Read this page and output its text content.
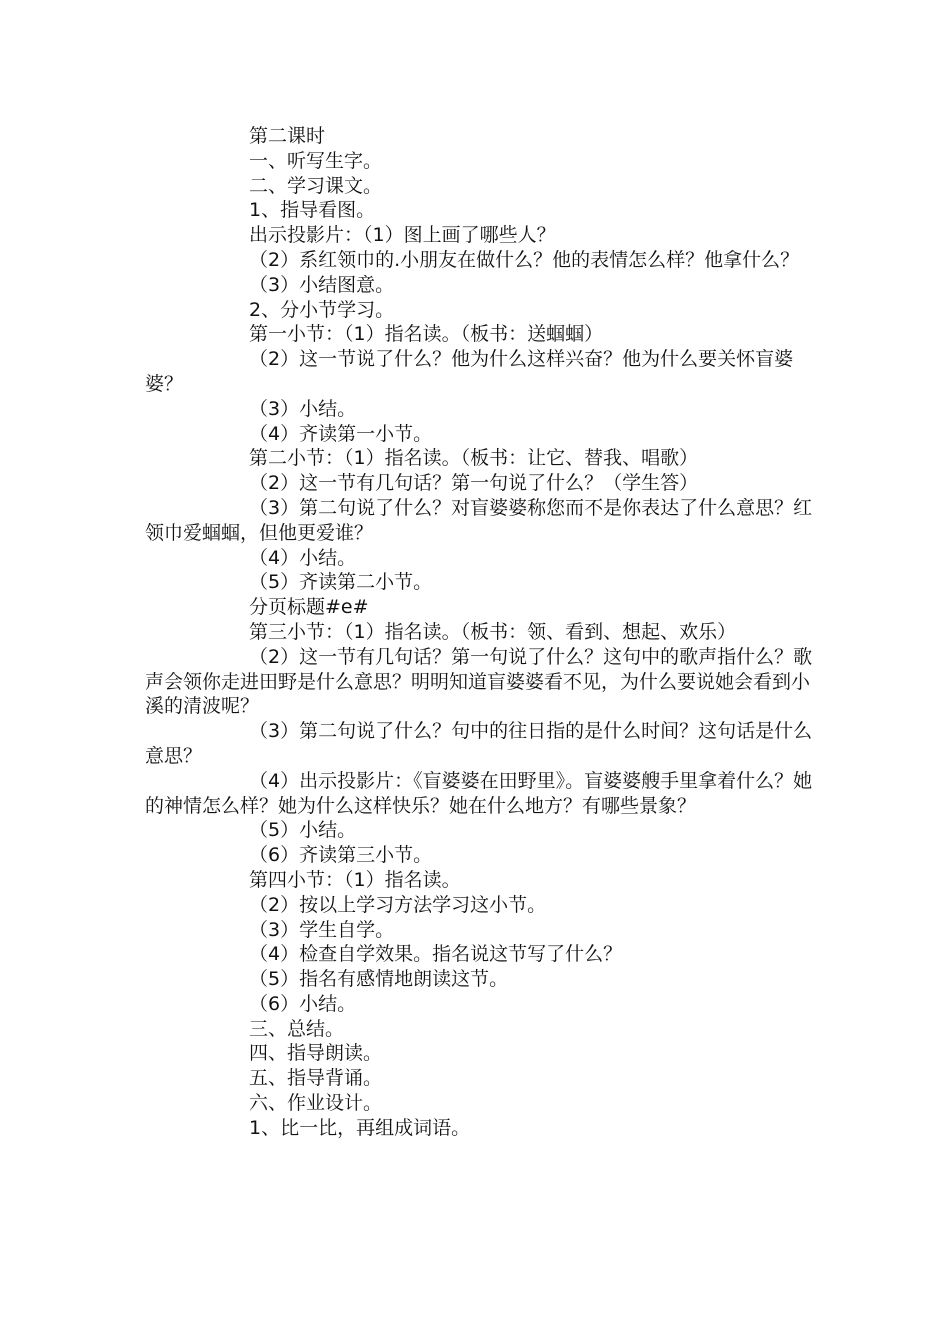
第二课时

一、听写生字。

二、学习课文。

1、指导看图。

出示投影片：（1）图上画了哪些人？

（2）系红领巾的.小朋友在做什么？他的表情怎么样？他拿什么？

（3）小结图意。

2、分小节学习。

第一小节：（1）指名读。（板书：送蝈蝈）

（2）这一节说了什么？他为什么这样兴奋？他为什么要关怀盲婆婆？

（3）小结。

（4）齐读第一小节。

第二小节：（1）指名读。（板书：让它、替我、唱歌）

（2）这一节有几句话？第一句说了什么？（学生答）

（3）第二句说了什么？对盲婆婆称您而不是你表达了什么意思？红领巾爱蝈蝈，但他更爱谁？

（4）小结。

（5）齐读第二小节。

分页标题#e#

第三小节：（1）指名读。（板书：领、看到、想起、欢乐）

（2）这一节有几句话？第一句说了什么？这句中的歌声指什么？歌声会领你走进田野是什么意思？明明知道盲婆婆看不见，为什么要说她会看到小溪的清波呢？

（3）第二句说了什么？句中的往日指的是什么时间？这句话是什么意思？

（4）出示投影片：《盲婆婆在田野里》。盲婆婆艘手里拿着什么？她的神情怎么样？她为什么这样快乐？她在什么地方？有哪些景象？

（5）小结。

（6）齐读第三小节。

第四小节：（1）指名读。

（2）按以上学习方法学习这小节。

（3）学生自学。

（4）检查自学效果。指名说这节写了什么？

（5）指名有感情地朗读这节。

（6）小结。

三、总结。

四、指导朗读。

五、指导背诵。

六、作业设计。

1、比一比，再组成词语。
